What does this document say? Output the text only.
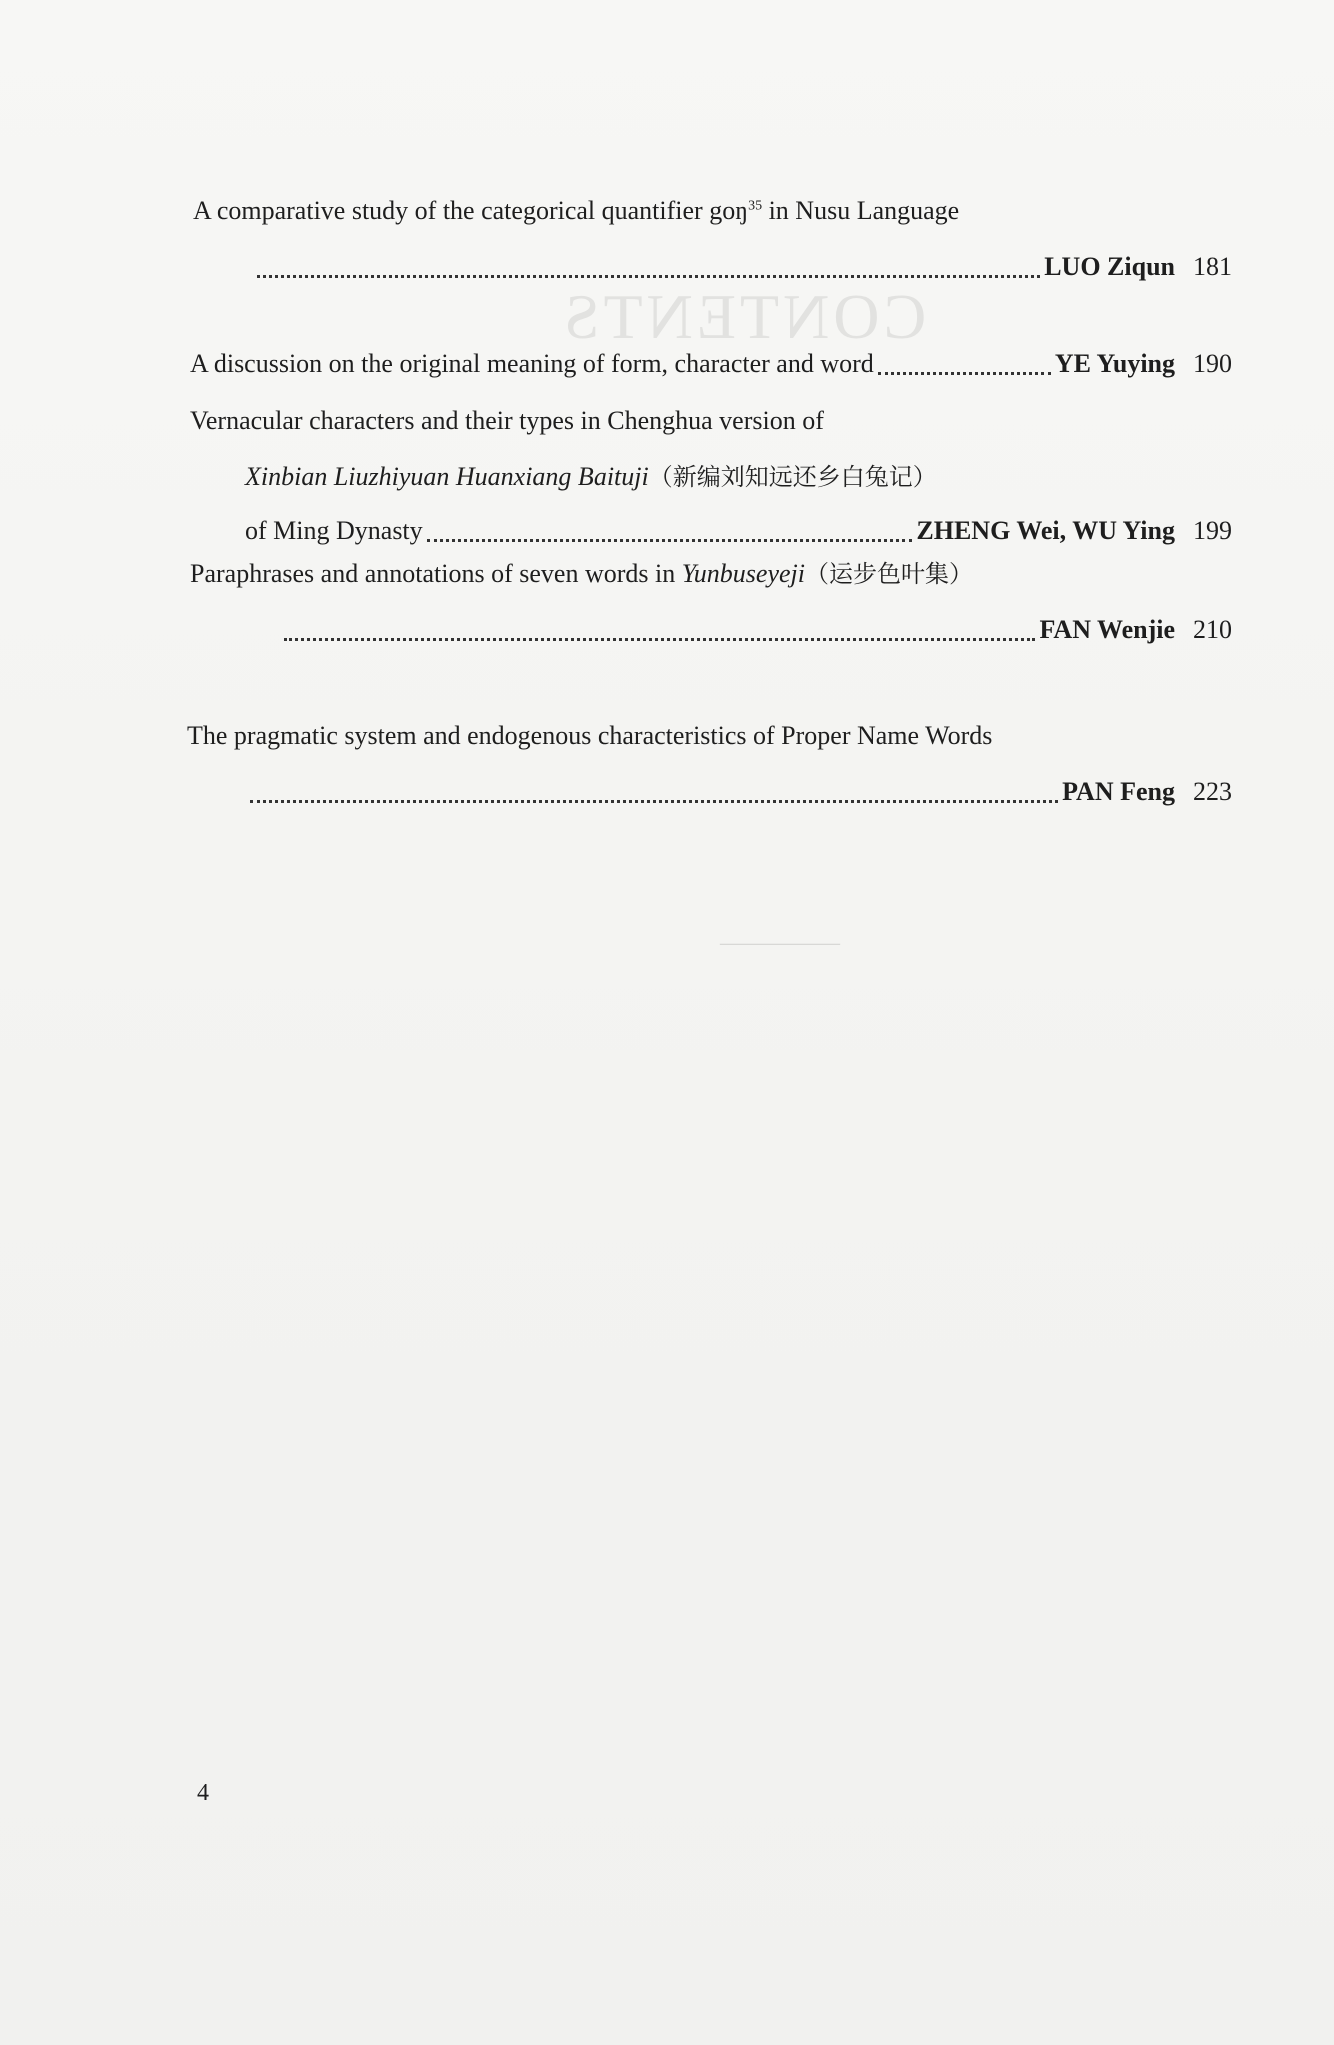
CONTENTS
—————
A comparative study of the categorical quantifier goŋ$^{35}$ in Nusu Language
LUO Ziqun 181
A discussion on the original meaning of form, character and word	YE Yuying 190
Vernacular characters and their types in Chenghua version of
Xinbian Liuzhiyuan Huanxiang Baituji（新编刘知远还乡白兔记）
of Ming Dynasty	ZHENG Wei, WU Ying 199
Paraphrases and annotations of seven words in Yunbuseyeji（运步色叶集）
FAN Wenjie 210
The pragmatic system and endogenous characteristics of Proper Name Words
PAN Feng 223
4
